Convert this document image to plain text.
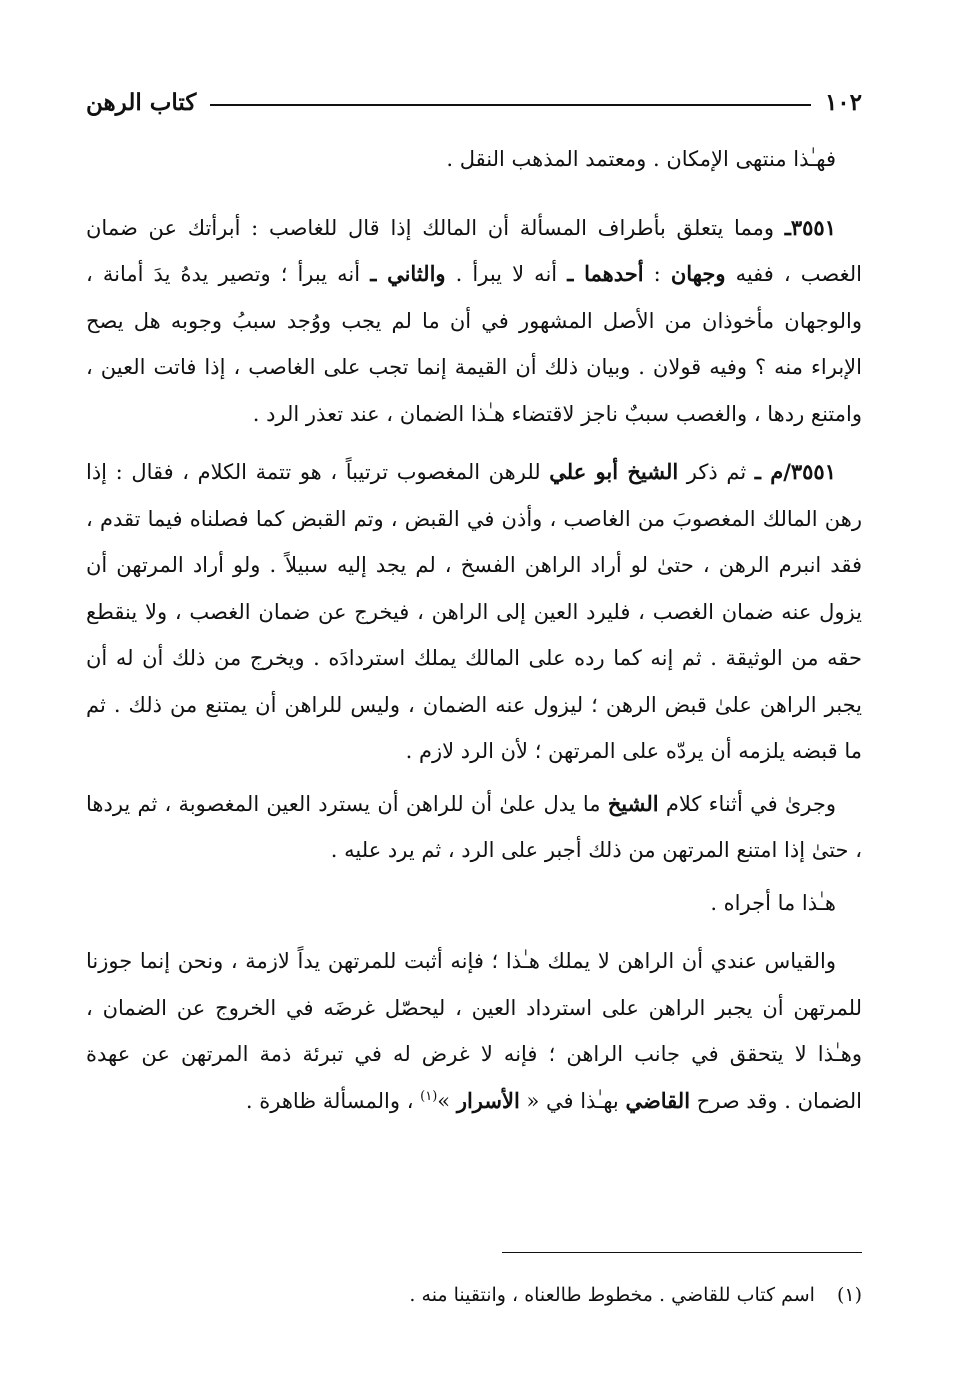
١٠٢
كتاب الرهن

فهـٰذا منتهى الإمكان . ومعتمد المذهب النقل .

٣٥٥١ـ ومما يتعلق بأطراف المسألة أن المالك إذا قال للغاصب : أبرأتك عن ضمان الغصب ، ففيه وجهان : أحدهما ـ أنه لا يبرأ . والثاني ـ أنه يبرأ ؛ وتصير يدهُ يدَ أمانة ، والوجهان مأخوذان من الأصل المشهور في أن ما لم يجب ووُجد سببُ وجوبه هل يصح الإبراء منه ؟ وفيه قولان . وبيان ذلك أن القيمة إنما تجب على الغاصب ، إذا فاتت العين ، وامتنع ردها ، والغصب سببٌ ناجز لاقتضاء هـٰذا الضمان ، عند تعذر الرد .

٣٥٥١/م ـ ثم ذكر الشيخ أبو علي للرهن المغصوب ترتيباً ، هو تتمة الكلام ، فقال : إذا رهن المالك المغصوبَ من الغاصب ، وأذن في القبض ، وتم القبض كما فصلناه فيما تقدم ، فقد انبرم الرهن ، حتىٰ لو أراد الراهن الفسخ ، لم يجد إليه سبيلاً . ولو أراد المرتهن أن يزول عنه ضمان الغصب ، فليرد العين إلى الراهن ، فيخرج عن ضمان الغصب ، ولا ينقطع حقه من الوثيقة . ثم إنه كما رده على المالك يملك استردادَه . ويخرج من ذلك أن له أن يجبر الراهن علىٰ قبض الرهن ؛ ليزول عنه الضمان ، وليس للراهن أن يمتنع من ذلك . ثم ما قبضه يلزمه أن يردّه على المرتهن ؛ لأن الرد لازم .

وجرىٰ في أثناء كلام الشيخ ما يدل علىٰ أن للراهن أن يسترد العين المغصوبة ، ثم يردها ، حتىٰ إذا امتنع المرتهن من ذلك أجبر على الرد ، ثم يرد عليه .

هـٰذا ما أجراه .

والقياس عندي أن الراهن لا يملك هـٰذا ؛ فإنه أثبت للمرتهن يداً لازمة ، ونحن إنما جوزنا للمرتهن أن يجبر الراهن على استرداد العين ، ليحصّل غرضَه في الخروج عن الضمان ، وهـٰذا لا يتحقق في جانب الراهن ؛ فإنه لا غرض له في تبرئة ذمة المرتهن عن عهدة الضمان . وقد صرح القاضي بهـٰذا في « الأسرار »$^{(١)}$ ، والمسألة ظاهرة .

(١)اسم كتاب للقاضي . مخطوط طالعناه ، وانتقينا منه .
